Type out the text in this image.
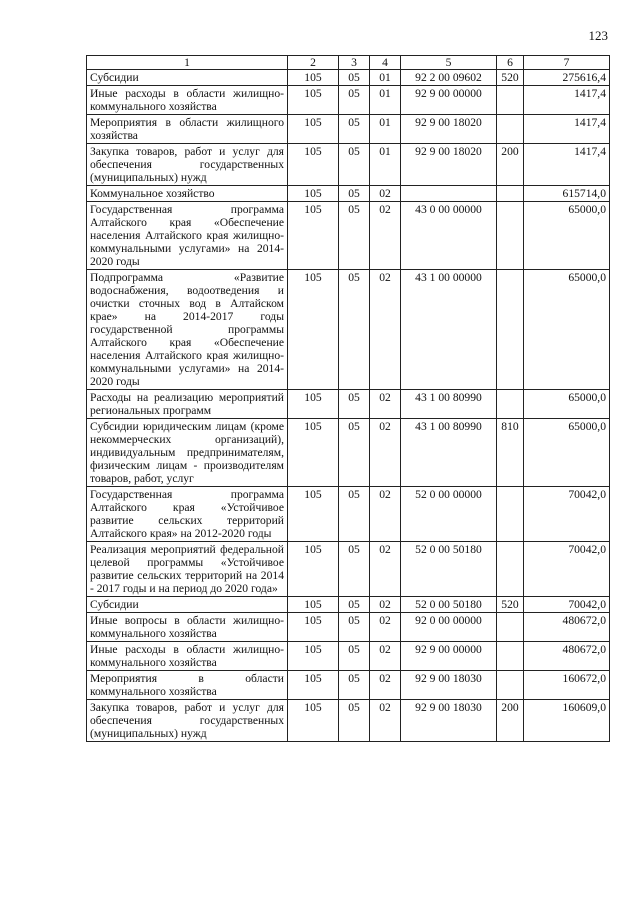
123
1	2	3	4	5	6	7
Субсидии	105	05	01	92 2 00 09602	520	275616,4
Иные расходы в области жилищно-коммунального хозяйства	105	05	01	92 9 00 00000		1417,4
Мероприятия в области жилищного хозяйства	105	05	01	92 9 00 18020		1417,4
Закупка товаров, работ и услуг для обеспечения государственных (муниципальных) нужд	105	05	01	92 9 00 18020	200	1417,4
Коммунальное хозяйство	105	05	02			615714,0
Государственная программа Алтайского края «Обеспечение населения Алтайского края жилищно-коммунальными услугами» на 2014-2020 годы	105	05	02	43 0 00 00000		65000,0
Подпрограмма «Развитие водоснабжения, водоотведения и очистки сточных вод в Алтайском крае» на 2014-2017 годы государственной программы Алтайского края «Обеспечение населения Алтайского края жилищно-коммунальными услугами» на 2014-2020 годы	105	05	02	43 1 00 00000		65000,0
Расходы на реализацию мероприятий региональных программ	105	05	02	43 1 00 80990		65000,0
Субсидии юридическим лицам (кроме некоммерческих организаций), индивидуальным предпринимателям, физическим лицам - производителям товаров, работ, услуг	105	05	02	43 1 00 80990	810	65000,0
Государственная программа Алтайского края «Устойчивое развитие сельских территорий Алтайского края» на 2012-2020 годы	105	05	02	52 0 00 00000		70042,0
Реализация мероприятий федеральной целевой программы «Устойчивое развитие сельских территорий на 2014 - 2017 годы и на период до 2020 года»	105	05	02	52 0 00 50180		70042,0
Субсидии	105	05	02	52 0 00 50180	520	70042,0
Иные вопросы в области жилищно-коммунального хозяйства	105	05	02	92 0 00 00000		480672,0
Иные расходы в области жилищно-коммунального хозяйства	105	05	02	92 9 00 00000		480672,0
Мероприятия в области коммунального хозяйства	105	05	02	92 9 00 18030		160672,0
Закупка товаров, работ и услуг для обеспечения государственных (муниципальных) нужд	105	05	02	92 9 00 18030	200	160609,0
